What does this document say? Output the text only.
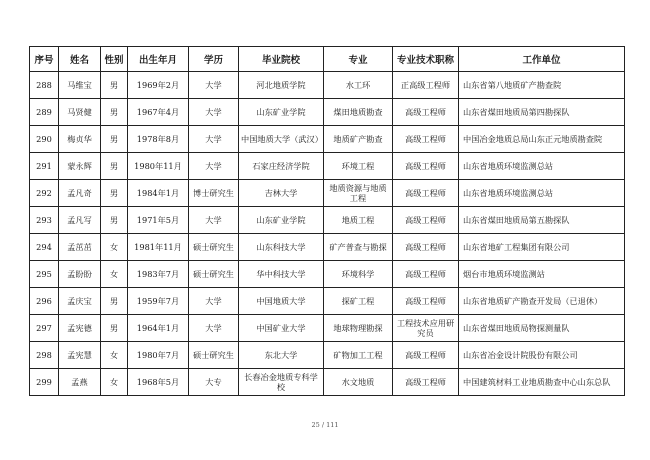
序号	姓名	性别	出生年月	学历	毕业院校	专业	专业技术职称	工作单位
288	马维宝	男	1969年2月	大学	河北地质学院	水工环	正高级工程师	山东省第八地质矿产勘查院
289	马贤健	男	1967年4月	大学	山东矿业学院	煤田地质勘查	高级工程师	山东省煤田地质局第四勘探队
290	梅贞华	男	1978年8月	大学	中国地质大学（武汉）	地质矿产勘查	高级工程师	中国冶金地质总局山东正元地质勘查院
291	蒙永辉	男	1980年11月	大学	石家庄经济学院	环境工程	高级工程师	山东省地质环境监测总站
292	孟凡奇	男	1984年1月	博士研究生	吉林大学	地质资源与地质工程	高级工程师	山东省地质环境监测总站
293	孟凡写	男	1971年5月	大学	山东矿业学院	地质工程	高级工程师	山东省煤田地质局第五勘探队
294	孟茁茁	女	1981年11月	硕士研究生	山东科技大学	矿产普查与勘探	高级工程师	山东省地矿工程集团有限公司
295	孟盼盼	女	1983年7月	硕士研究生	华中科技大学	环境科学	高级工程师	烟台市地质环境监测站
296	孟庆宝	男	1959年7月	大学	中国地质大学	探矿工程	高级工程师	山东省地质矿产勘查开发局（已退休）
297	孟宪德	男	1964年1月	大学	中国矿业大学	地球物理勘探	工程技术应用研究员	山东省煤田地质局物探测量队
298	孟宪慧	女	1980年7月	硕士研究生	东北大学	矿物加工工程	高级工程师	山东省冶金设计院股份有限公司
299	孟燕	女	1968年5月	大专	长春冶金地质专科学校	水文地质	高级工程师	中国建筑材料工业地质勘查中心山东总队
25 / 111
